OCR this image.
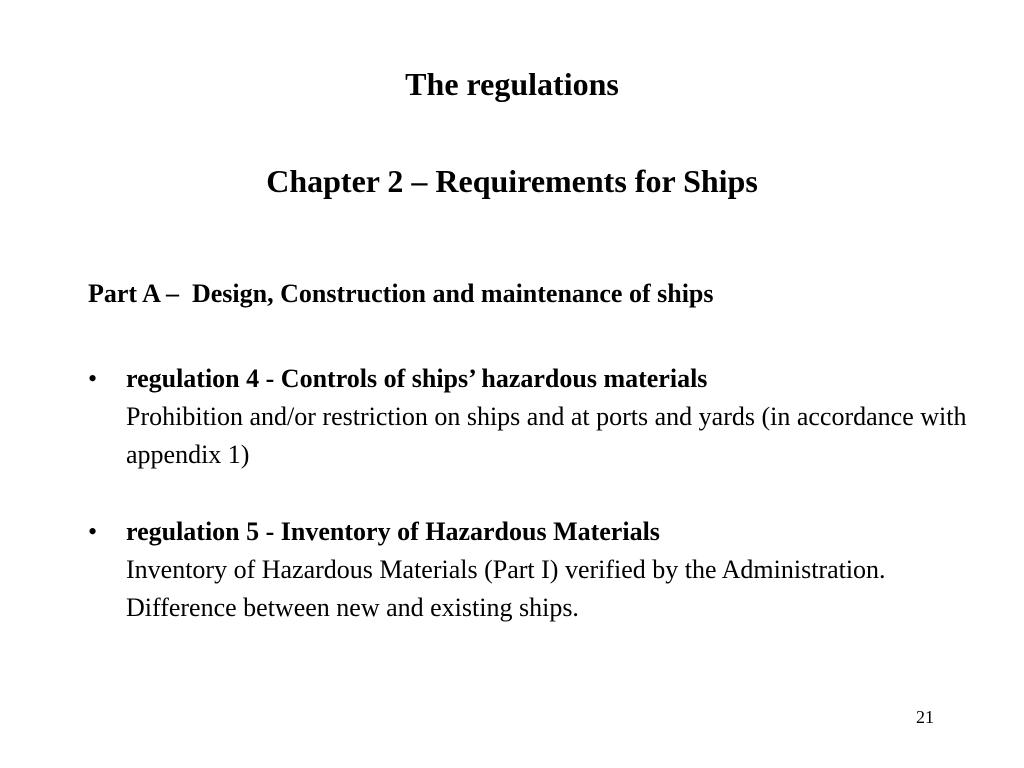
The regulations
Chapter 2 – Requirements for Ships
Part A –  Design, Construction and maintenance of ships
•	regulation 4 - Controls of ships’ hazardous materials
Prohibition and/or restriction on ships and at ports and yards (in accordance with appendix 1)
•	regulation 5 - Inventory of Hazardous Materials
Inventory of Hazardous Materials (Part I) verified by the Administration.  Difference between new and existing ships.
21
